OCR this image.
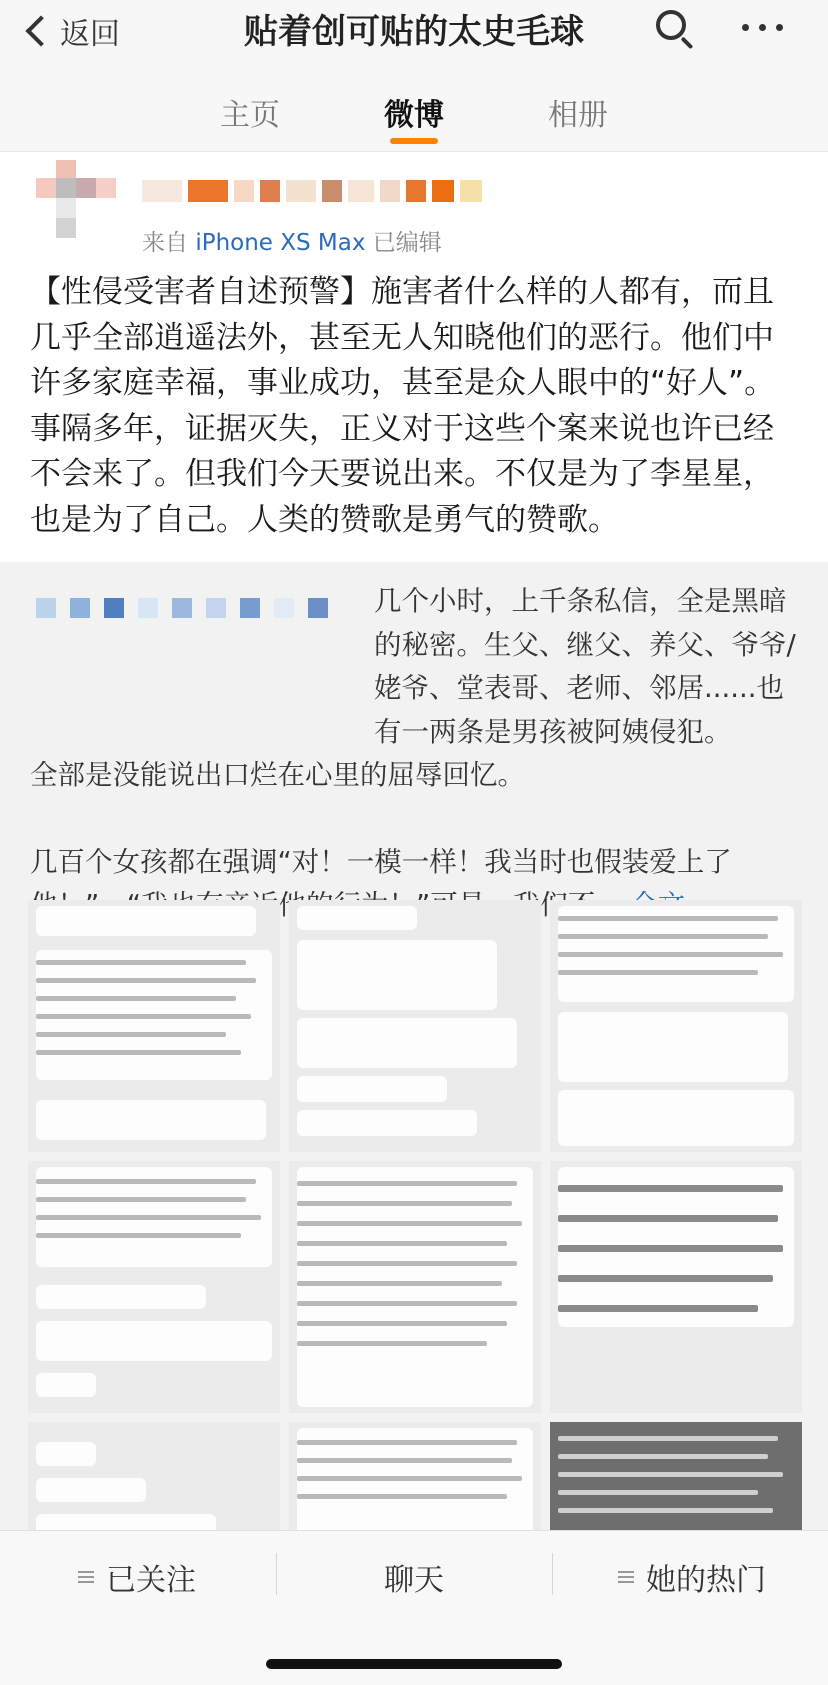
返回	贴着创可贴的太史毛球
主页	微博	相册
来自 iPhone XS Max 已编辑
【性侵受害者自述预警】施害者什么样的人都有，而且几乎全部逍遥法外，甚至无人知晓他们的恶行。他们中许多家庭幸福，事业成功，甚至是众人眼中的“好人”。事隔多年，证据灭失，正义对于这些个案来说也许已经不会来了。但我们今天要说出来。不仅是为了李星星，也是为了自己。人类的赞歌是勇气的赞歌。
几个小时，上千条私信，全是黑暗的秘密。生父、继父、养父、爷爷/姥爷、堂表哥、老师、邻居......也有一两条是男孩被阿姨侵犯。
全部是没能说出口烂在心里的屈辱回忆。
几百个女孩都在强调“对！一模一样！我当时也假装爱上了
已关注	聊天	她的热门
